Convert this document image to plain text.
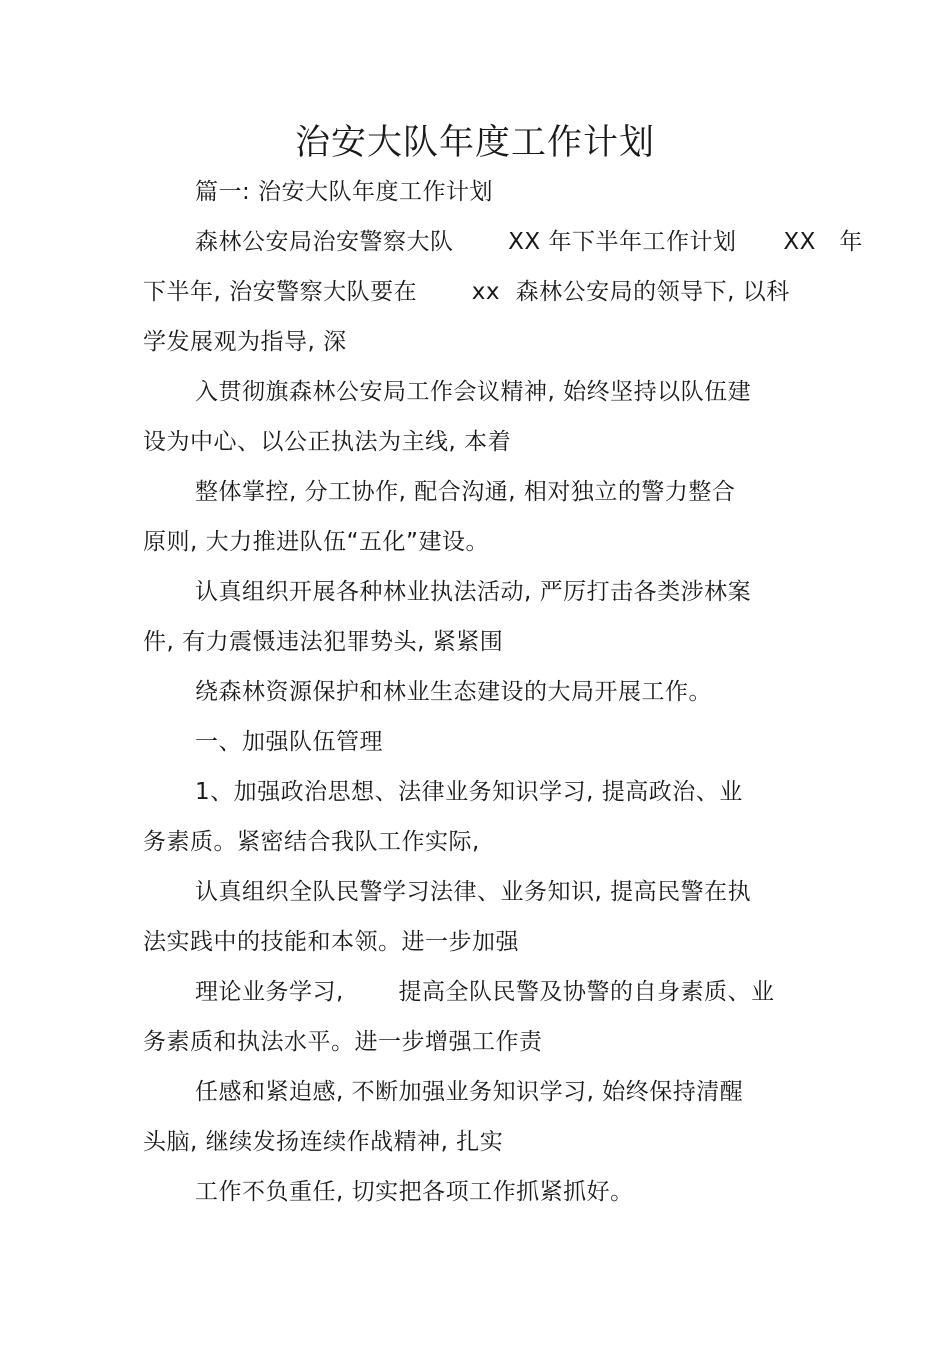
治安大队年度工作计划
篇一: 治安大队年度工作计划
森林公安局治安警察大队       XX 年下半年工作计划      XX   年
下半年, 治安警察大队要在       xx  森林公安局的领导下, 以科
学发展观为指导, 深
入贯彻旗森林公安局工作会议精神, 始终坚持以队伍建
设为中心、以公正执法为主线, 本着
整体掌控, 分工协作, 配合沟通, 相对独立的警力整合
原则, 大力推进队伍“五化”建设。
认真组织开展各种林业执法活动, 严厉打击各类涉林案
件, 有力震慑违法犯罪势头, 紧紧围
绕森林资源保护和林业生态建设的大局开展工作。
一、加强队伍管理
1、加强政治思想、法律业务知识学习, 提高政治、业
务素质。紧密结合我队工作实际,
认真组织全队民警学习法律、业务知识, 提高民警在执
法实践中的技能和本领。进一步加强
理论业务学习,       提高全队民警及协警的自身素质、业
务素质和执法水平。进一步增强工作责
任感和紧迫感, 不断加强业务知识学习, 始终保持清醒
头脑, 继续发扬连续作战精神, 扎实
工作不负重任, 切实把各项工作抓紧抓好。
